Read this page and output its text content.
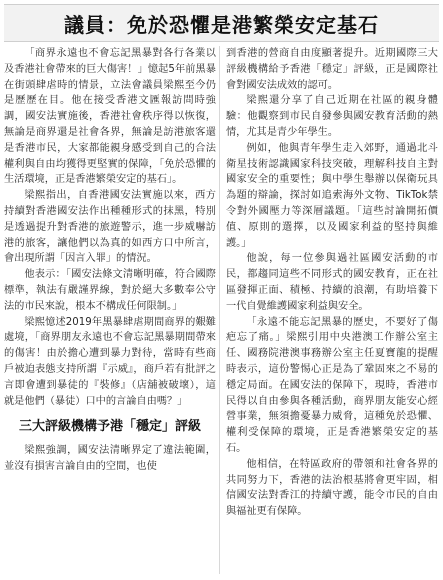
議員：免於恐懼是港繁榮安定基石

「商界永遠也不會忘記黑暴對各行各業以及香港社會帶來的巨大傷害！」憶起5年前黑暴在街頭肆虐時的情景，立法會議員梁熙至今仍是歷歷在目。他在接受香港文匯報訪問時強調，國安法實施後，香港社會秩序得以恢復，無論是商界還是社會各界，無論是訪港旅客還是香港市民，大家都能親身感受到自己的合法權利與自由均獲得更堅實的保障，「免於恐懼的生活環境，正是香港繁榮安定的基石」。

梁熙指出，自香港國安法實施以來，西方持續對香港國安法作出種種形式的抹黑，特別是透過提升對香港的旅遊警示，進一步威嚇訪港的旅客，讓他們以為真的如西方口中所言，會出現所謂「因言入罪」的情況。

他表示：「國安法條文清晰明確，符合國際標準，執法有嚴謹界線，對於絕大多數奉公守法的市民來說，根本不構成任何限制。」

梁熙憶述2019年黑暴肆虐期間商界的艱難處境，「商界朋友永遠也不會忘記黑暴期間帶來的傷害！由於擔心遭到暴力對待，當時有些商戶被迫表態支持所謂『示威』，商戶若有批評之言即會遭到暴徒的『裝修』（店舖被破壞），這就是他們（暴徒）口中的言論自由嗎？」

三大評級機構予港「穩定」評級

梁熙強調，國安法清晰界定了違法範圍，並沒有損害言論自由的空間，也使

到香港的營商自由度顯著提升。近期國際三大評級機構給予香港「穩定」評級，正是國際社會對國安法成效的認可。

梁熙還分享了自己近期在社區的親身體驗：他觀察到市民自發參與國安教育活動的熱情，尤其是青少年學生。

例如，他與青年學生走入郊野，通過北斗衛星技術認識國家科技突破，理解科技自主對國家安全的重要性；與中學生舉辦以保衛玩具為題的辯論，探討如追索海外文物、TikTok禁令對外國壓力等深層議題。「這些討論開拓價值、原則的選擇，以及國家利益的堅持與維護。」

他說，每一位參與過社區國安活動的市民，都趨同這些不同形式的國安教育，正在社區發揮正面、積極、持續的浪潮，有助培養下一代自覺維護國家利益與安全。

「永遠不能忘記黑暴的歷史，不要好了傷疤忘了痛。」梁熙引用中央港澳工作辦公室主任、國務院港澳事務辦公室主任夏寶龍的提醒時表示，這份警惕心正是為了鞏固來之不易的穩定局面。在國安法的保障下，現時，香港市民得以自由參與各種活動，商界朋友能安心經營事業，無須擔憂暴力威脅，這種免於恐懼、權利受保障的環境，正是香港繁榮安定的基石。

他相信，在特區政府的帶領和社會各界的共同努力下，香港的法治根基將會更牢固，相信國安法對香江的持續守護，能令市民的自由與福祉更有保障。
